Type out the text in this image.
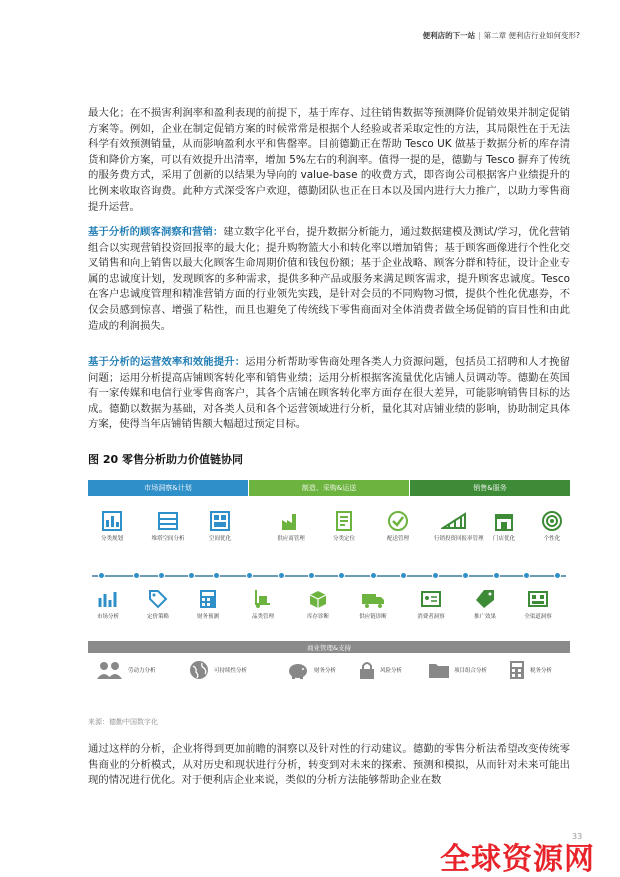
便利店的下一站 | 第二章 便利店行业如何变形?

最大化；在不损害利润率和盈利表现的前提下，基于库存、过往销售数据等预测降价促销效果并制定促销方案等。例如，企业在制定促销方案的时候常常是根据个人经验或者采取定性的方法，其局限性在于无法科学有效预测销量，从而影响盈利水平和售罄率。目前德勤正在帮助 Tesco UK 做基于数据分析的库存清货和降价方案，可以有效提升出清率，增加 5%左右的利润率。值得一提的是，德勤与 Tesco 摒弃了传统的服务费方式，采用了创新的以结果为导向的 value-base 的收费方式，即咨询公司根据客户业绩提升的比例来收取咨询费。此种方式深受客户欢迎，德勤团队也正在日本以及国内进行大力推广，以助力零售商提升运营。

基于分析的顾客洞察和营销：建立数字化平台，提升数据分析能力，通过数据建模及测试/学习，优化营销组合以实现营销投资回报率的最大化；提升购物篮大小和转化率以增加销售；基于顾客画像进行个性化交叉销售和向上销售以最大化顾客生命周期价值和钱包份额；基于企业战略、顾客分群和特征，设计企业专属的忠诚度计划，发现顾客的多种需求，提供多种产品或服务来满足顾客需求，提升顾客忠诚度。Tesco 在客户忠诚度管理和精准营销方面的行业领先实践，是针对会员的不同购物习惯，提供个性化优惠券，不仅会员感到惊喜、增强了粘性，而且也避免了传统线下零售商面对全体消费者做全场促销的盲目性和由此造成的利润损失。

基于分析的运营效率和效能提升：运用分析帮助零售商处理各类人力资源问题，包括员工招聘和人才挽留问题；运用分析提高店铺顾客转化率和销售业绩；运用分析根据客流量优化店铺人员调动等。德勤在英国有一家传媒和电信行业零售商客户，其各个店铺在顾客转化率方面存在很大差异，可能影响销售目标的达成。德勤以数据为基础，对各类人员和各个运营领域进行分析，量化其对店铺业绩的影响，协助制定具体方案，使得当年店铺销售额大幅超过预定目标。

图 20 零售分析助力价值链协同
市场洞察&计划	制造、采购&运送	销售&服务
分类规划	堆塔空间分析	空间优化	供应商管理	分类定位	配送管理	行销投资回报率管理	门店优化	个性化
市场分析	定价策略	财务预测	品类管理	库存诊断	供应链诊断	消费者洞察	推广效果	全渠道洞察
商业管理&支持
劳动力分析	可持续性分析	财务分析	风险分析	项目组合分析	税务分析
来源：德勤中国数字化

通过这样的分析，企业将得到更加前瞻的洞察以及针对性的行动建议。德勤的零售分析法希望改变传统零售商业的分析模式，从对历史和现状进行分析，转变到对未来的探索、预测和模拟，从而针对未来可能出现的情况进行优化。对于便利店企业来说，类似的分析方法能够帮助企业在数

33
全球资源网
